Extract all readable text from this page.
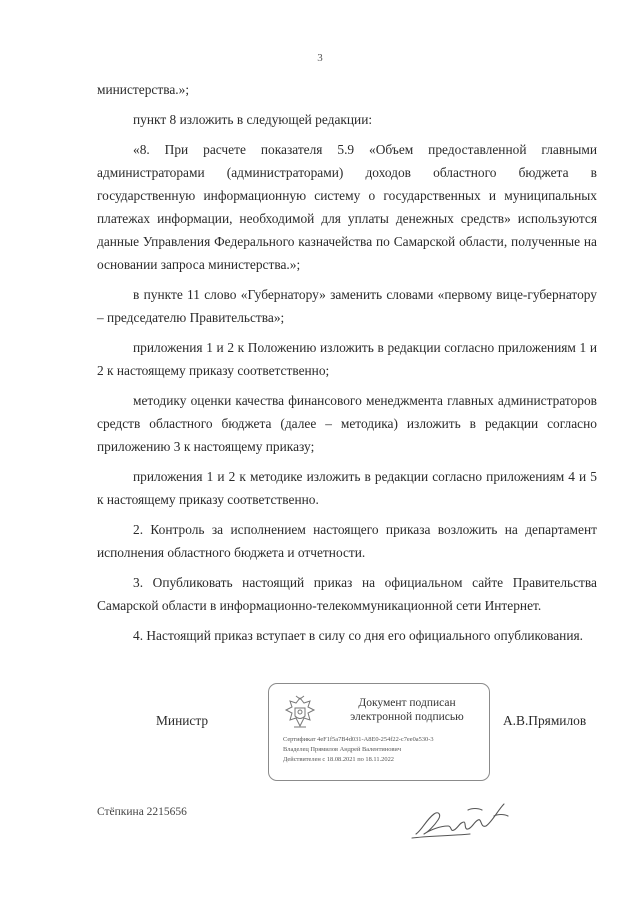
3

министерства.»;

пункт 8 изложить в следующей редакции:

«8. При расчете показателя 5.9 «Объем предоставленной главными администраторами (администраторами) доходов областного бюджета в государственную информационную систему о государственных и муниципальных платежах информации, необходимой для уплаты денежных средств» используются данные Управления Федерального казначейства по Самарской области, полученные на основании запроса министерства.»;

в пункте 11 слово «Губернатору» заменить словами «первому вице-губернатору – председателю Правительства»;

приложения 1 и 2 к Положению изложить в редакции согласно приложениям 1 и 2 к настоящему приказу соответственно;

методику оценки качества финансового менеджмента главных администраторов средств областного бюджета (далее – методика) изложить в редакции согласно приложению 3 к настоящему приказу;

приложения 1 и 2 к методике изложить в редакции согласно приложениям 4 и 5 к настоящему приказу соответственно.

2. Контроль за исполнением настоящего приказа возложить на департамент исполнения областного бюджета и отчетности.

3. Опубликовать настоящий приказ на официальном сайте Правительства Самарской области в информационно-телекоммуникационной сети Интернет.

4. Настоящий приказ вступает в силу со дня его официального опубликования.

Министр	А.В.Прямилов
Документ подписан
электронной подписью
Сертификат 4eF1f5a7B4d031-A8E0-254f22-c7ee0a530-3
Владелец Прямилов Андрей Валентинович
Действителен с 18.08.2021 по 18.11.2022
Стёпкина 2215656
